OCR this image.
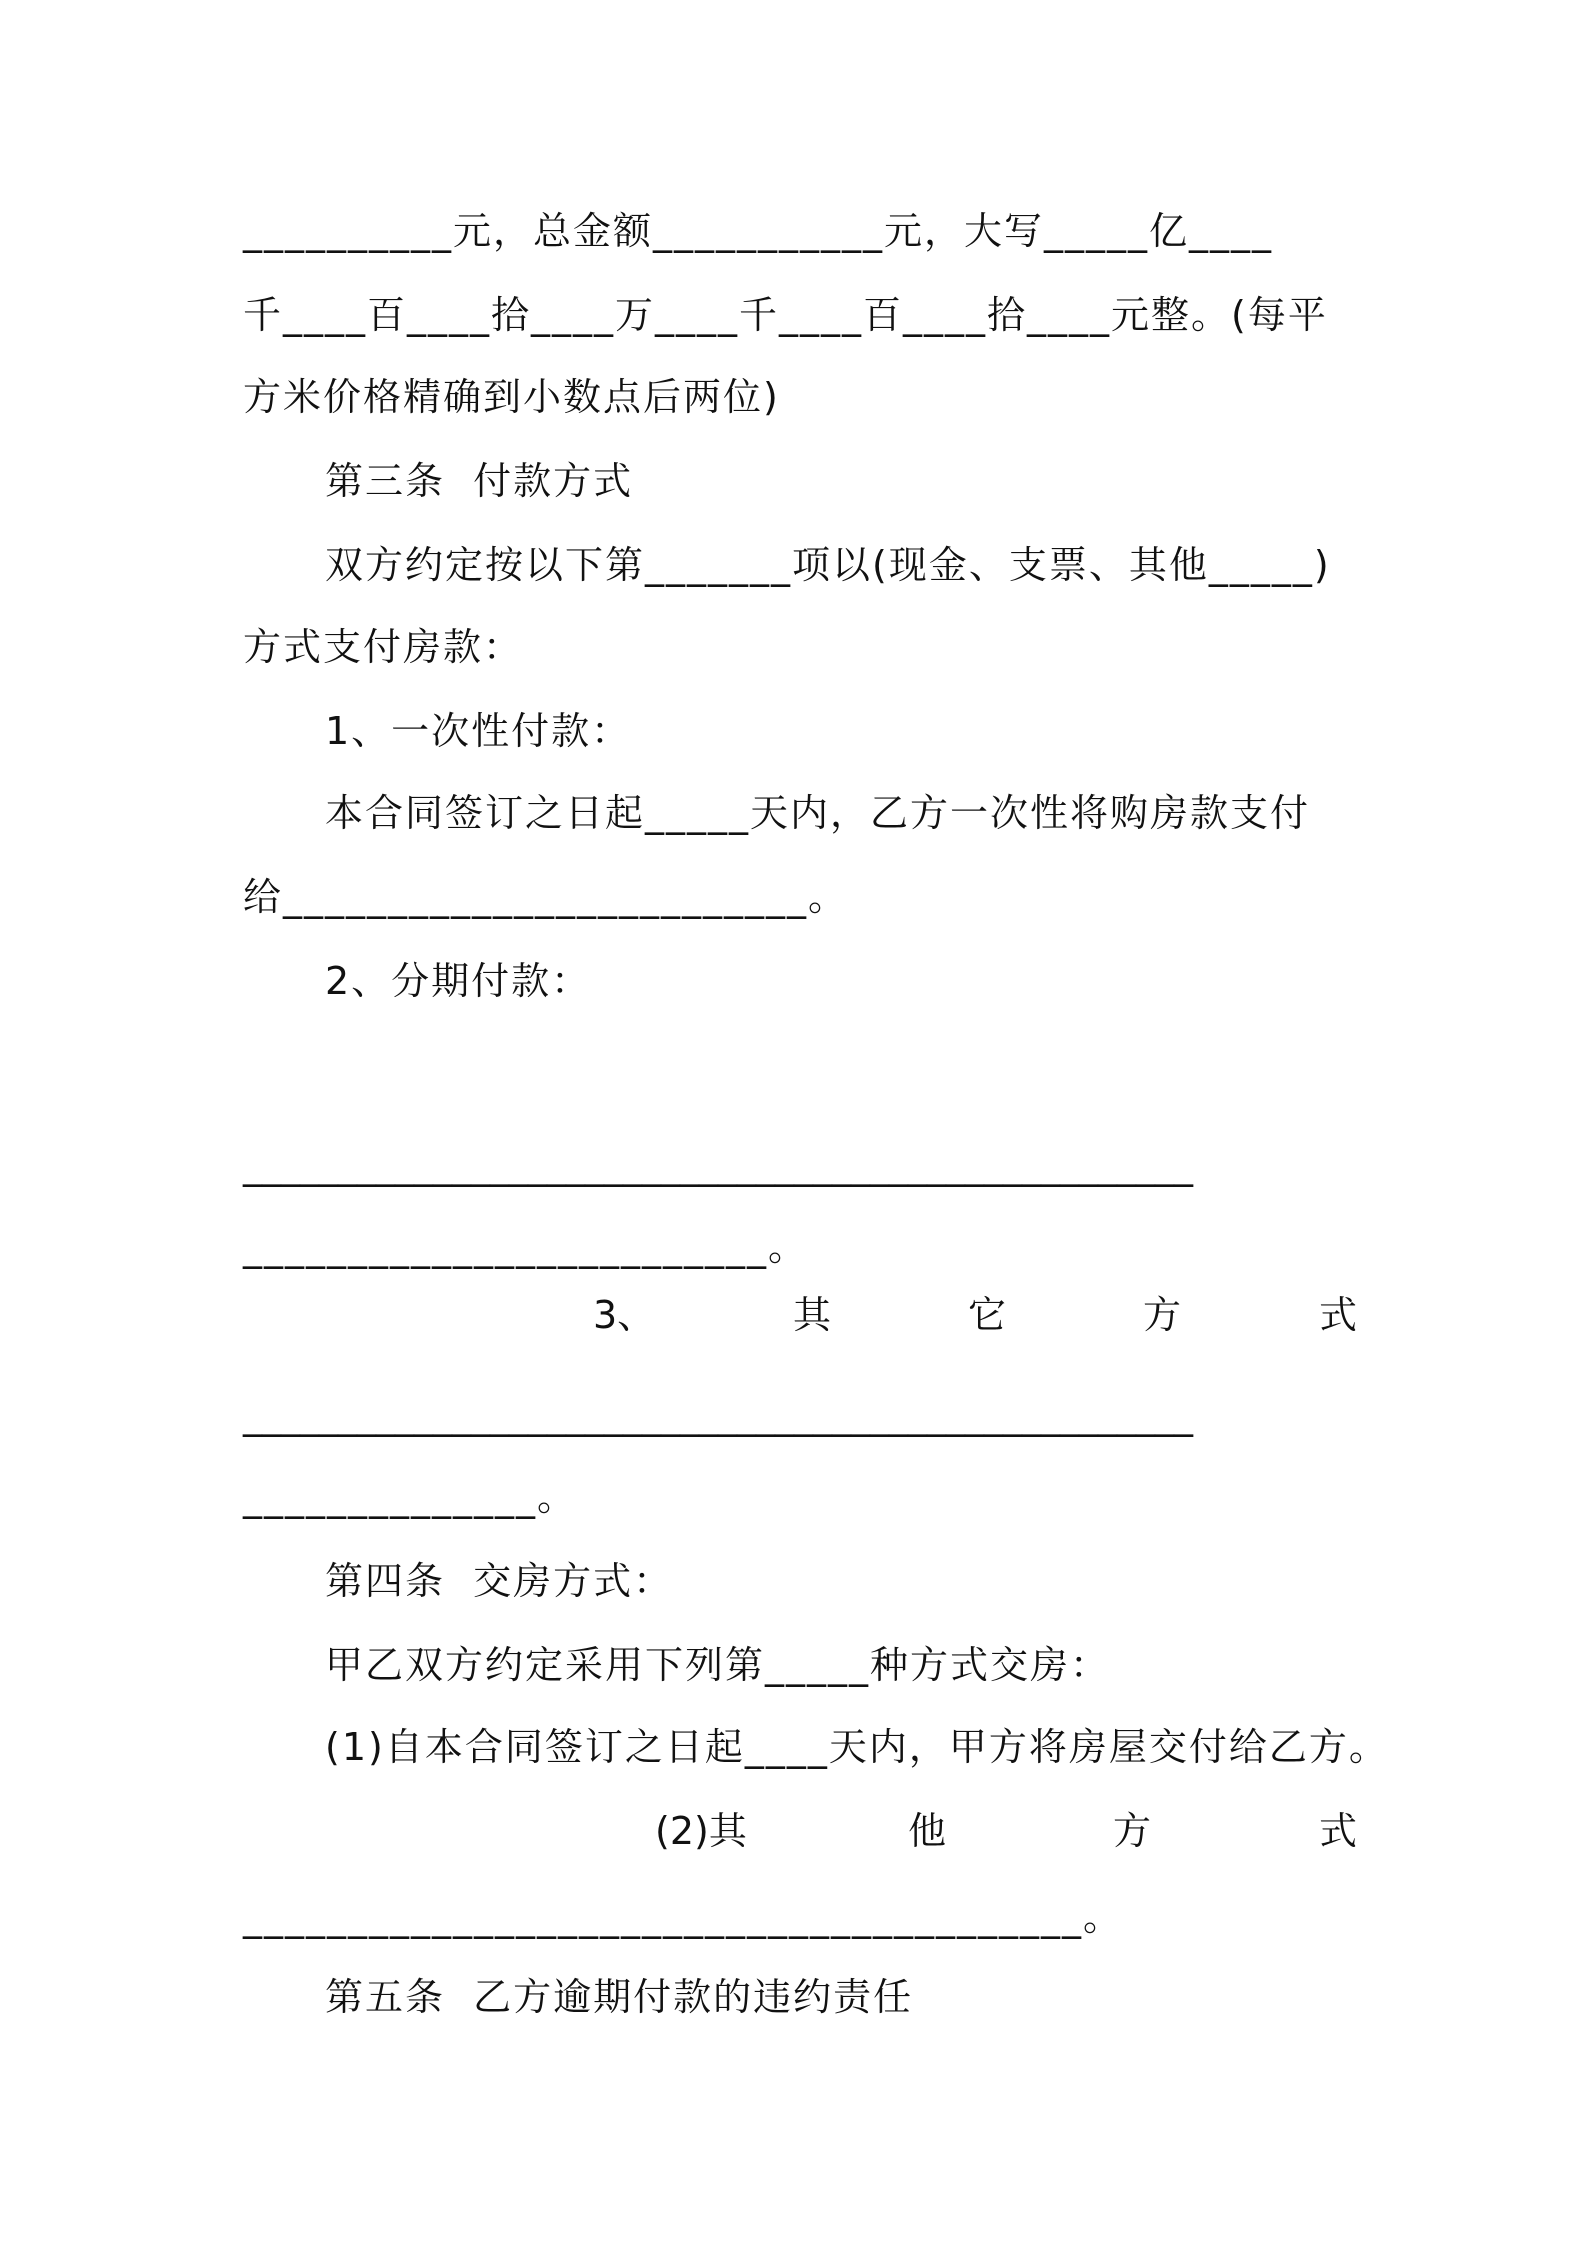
__________元，总金额___________元，大写_____亿____
千____百____拾____万____千____百____拾____元整。(每平
方米价格精确到小数点后两位)
第三条  付款方式
双方约定按以下第_______项以(现金、支票、其他_____)
方式支付房款：
1、一次性付款：
本合同签订之日起_____天内，乙方一次性将购房款支付
给_________________________。
2、分期付款：
__________________________________________________
_________________________。
3、	其	它	方	式
__________________________________________________
______________。
第四条  交房方式：
甲乙双方约定采用下列第_____种方式交房：
(1)自本合同签订之日起____天内，甲方将房屋交付给乙方。
(2)其	他	方	式
________________________________________。
第五条  乙方逾期付款的违约责任
